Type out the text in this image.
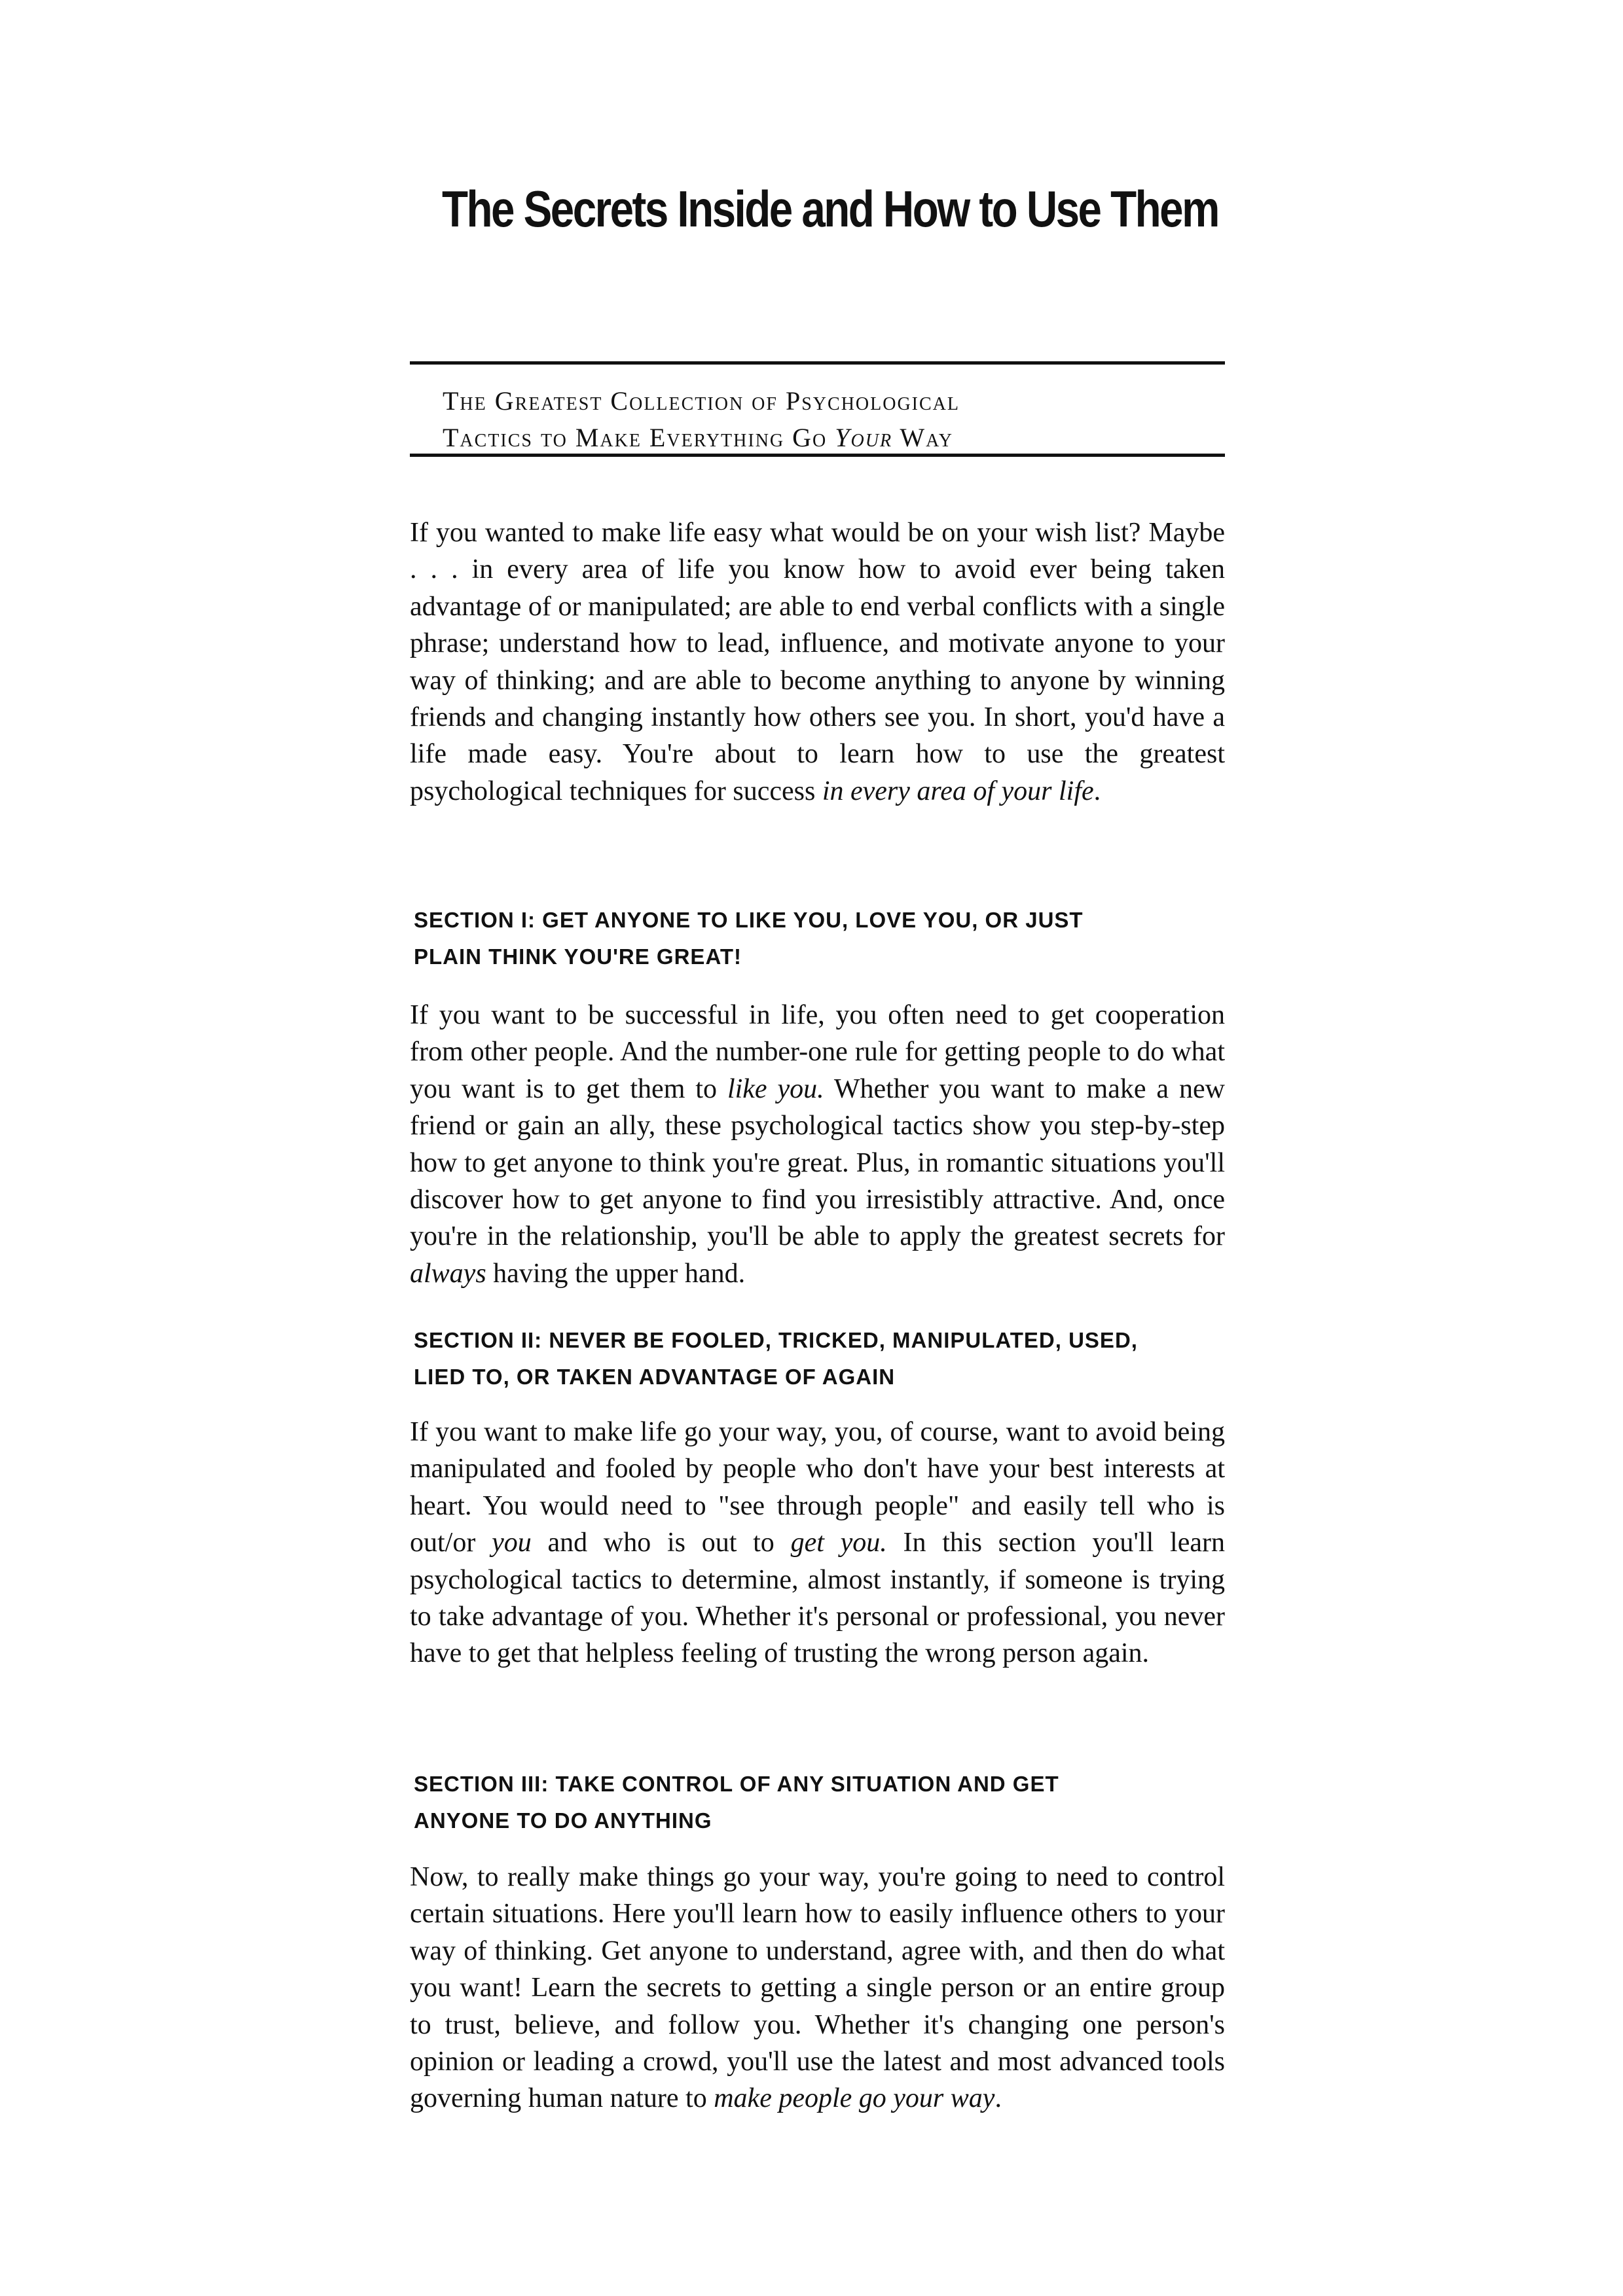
The Secrets Inside and How to Use Them
The Greatest Collection of Psychological
Tactics to Make Everything Go Your Way

If you wanted to make life easy what would be on your wish list? Maybe . . . in every area of life you know how to avoid ever being taken advantage of or manipulated; are able to end verbal conflicts with a single phrase; understand how to lead, influence, and motivate anyone to your way of thinking; and are able to become anything to anyone by winning friends and changing instantly how others see you. In short, you'd have a life made easy. You're about to learn how to use the greatest psychological techniques for success in every area of your life.

SECTION I: GET ANYONE TO LIKE YOU, LOVE YOU, OR JUST
PLAIN THINK YOU'RE GREAT!

If you want to be successful in life, you often need to get cooperation from other people. And the number-one rule for getting people to do what you want is to get them to like you. Whether you want to make a new friend or gain an ally, these psychological tactics show you step-by-step how to get anyone to think you're great. Plus, in romantic situations you'll discover how to get anyone to find you irresistibly attractive. And, once you're in the relationship, you'll be able to apply the greatest secrets for always having the upper hand.

SECTION II: NEVER BE FOOLED, TRICKED, MANIPULATED, USED,
LIED TO, OR TAKEN ADVANTAGE OF AGAIN

If you want to make life go your way, you, of course, want to avoid being manipulated and fooled by people who don't have your best interests at heart. You would need to "see through people" and easily tell who is out/or you and who is out to get you. In this section you'll learn psychological tactics to determine, almost instantly, if someone is trying to take advantage of you. Whether it's personal or professional, you never have to get that helpless feeling of trusting the wrong person again.

SECTION III: TAKE CONTROL OF ANY SITUATION AND GET
ANYONE TO DO ANYTHING

Now, to really make things go your way, you're going to need to control certain situations. Here you'll learn how to easily influence others to your way of thinking. Get anyone to understand, agree with, and then do what you want! Learn the secrets to getting a single person or an entire group to trust, believe, and follow you. Whether it's changing one person's opinion or leading a crowd, you'll use the latest and most advanced tools governing human nature to make people go your way.
